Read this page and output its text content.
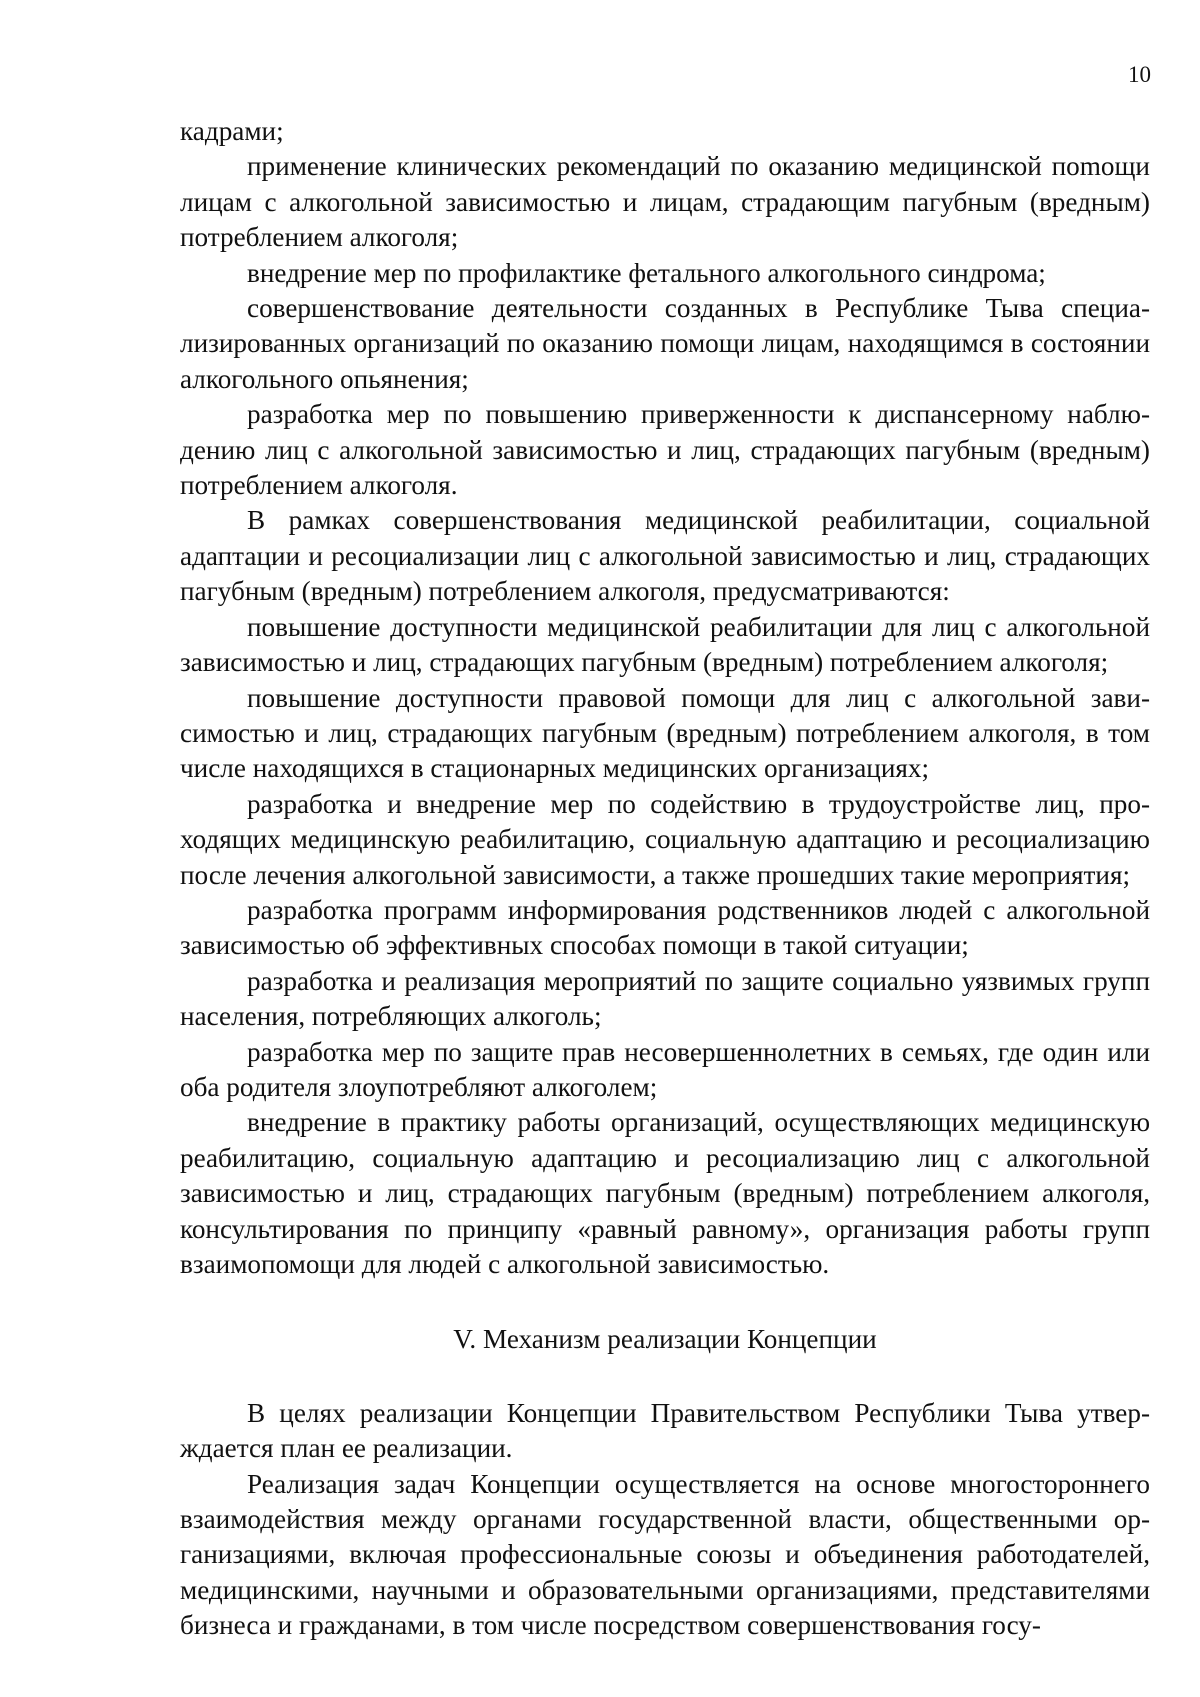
10

кадрами;

применение клинических рекомендаций по оказанию медицинской поmощи лицам с алкогольной зависимостью и лицам, страдающим пагубным (вредным) потреблением алкоголя;

внедрение мер по профилактике фетального алкогольного синдрома;

совершенствование деятельности созданных в Республике Тыва специализированных организаций по оказанию помощи лицам, находящимся в состоянии алкогольного опьянения;

разработка мер по повышению приверженности к диспансерному наблюдению лиц с алкогольной зависимостью и лиц, страдающих пагубным (вредным) потреблением алкоголя.

В рамках совершенствования медицинской реабилитации, социальной адаптации и ресоциализации лиц с алкогольной зависимостью и лиц, страдающих пагубным (вредным) потреблением алкоголя, предусматриваются:

повышение доступности медицинской реабилитации для лиц с алкогольной зависимостью и лиц, страдающих пагубным (вредным) потреблением алкоголя;

повышение доступности правовой помощи для лиц с алкогольной зависимостью и лиц, страдающих пагубным (вредным) потреблением алкоголя, в том числе находящихся в стационарных медицинских организациях;

разработка и внедрение мер по содействию в трудоустройстве лиц, проходящих медицинскую реабилитацию, социальную адаптацию и ресоциализацию после лечения алкогольной зависимости, а также прошедших такие мероприятия;

разработка программ информирования родственников людей с алкогольной зависимостью об эффективных способах помощи в такой ситуации;

разработка и реализация мероприятий по защите социально уязвимых групп населения, потребляющих алкоголь;

разработка мер по защите прав несовершеннолетних в семьях, где один или оба родителя злоупотребляют алкоголем;

внедрение в практику работы организаций, осуществляющих медицинскую реабилитацию, социальную адаптацию и ресоциализацию лиц с алкогольной зависимостью и лиц, страдающих пагубным (вредным) потреблением алкоголя, консультирования по принципу «равный равному», организация работы групп взаимопомощи для людей с алкогольной зависимостью.

V. Механизм реализации Концепции

В целях реализации Концепции Правительством Республики Тыва утверждается план ее реализации.

Реализация задач Концепции осуществляется на основе многостороннего взаимодействия между органами государственной власти, общественными организациями, включая профессиональные союзы и объединения работодателей, медицинскими, научными и образовательными организациями, представителями бизнеса и гражданами, в том числе посредством совершенствования госу-
